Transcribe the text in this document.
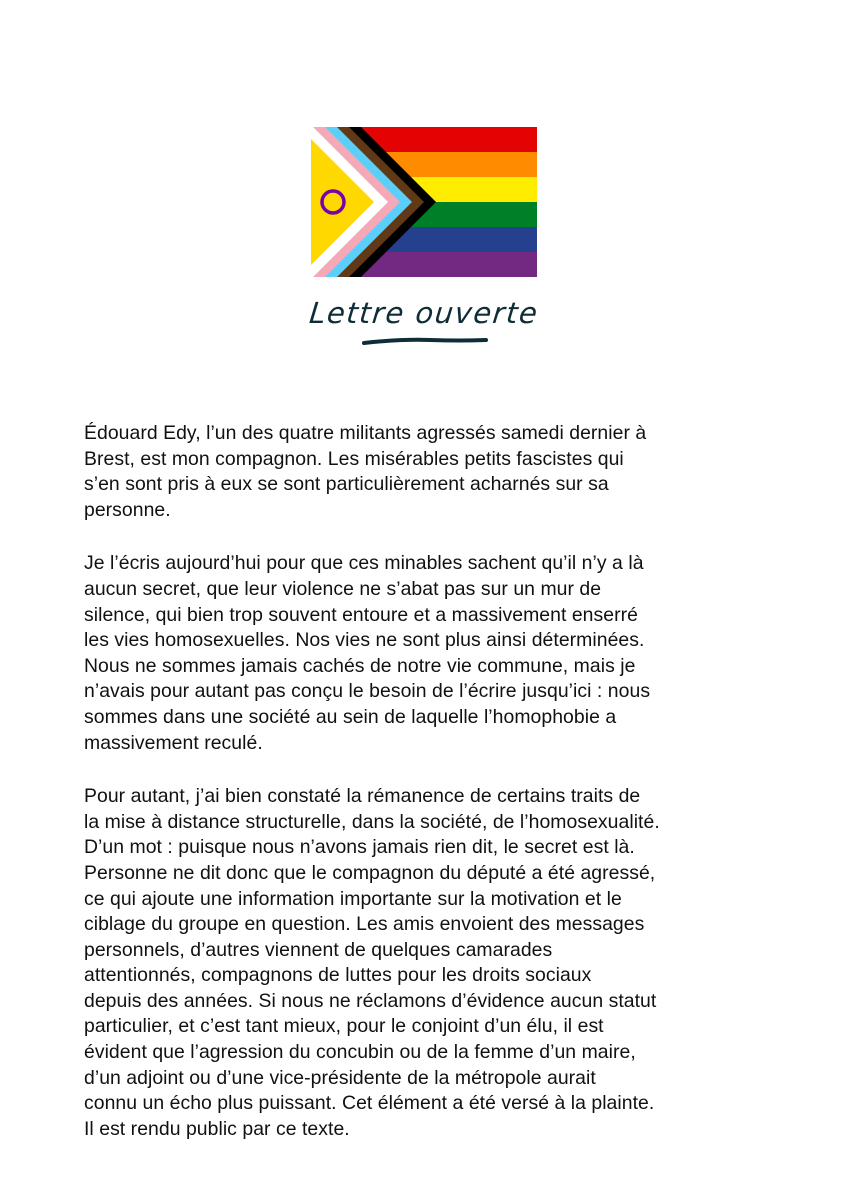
Lettre ouverte

Édouard Edy, l’un des quatre militants agressés samedi dernier à
Brest, est mon compagnon. Les misérables petits fascistes qui
s’en sont pris à eux se sont particulièrement acharnés sur sa
personne.

Je l’écris aujourd’hui pour que ces minables sachent qu’il n’y a là
aucun secret, que leur violence ne s’abat pas sur un mur de
silence, qui bien trop souvent entoure et a massivement enserré
les vies homosexuelles. Nos vies ne sont plus ainsi déterminées.
Nous ne sommes jamais cachés de notre vie commune, mais je
n’avais pour autant pas conçu le besoin de l’écrire jusqu’ici : nous
sommes dans une société au sein de laquelle l’homophobie a
massivement reculé.

Pour autant, j’ai bien constaté la rémanence de certains traits de
la mise à distance structurelle, dans la société, de l’homosexualité.
D’un mot : puisque nous n’avons jamais rien dit, le secret est là.
Personne ne dit donc que le compagnon du député a été agressé,
ce qui ajoute une information importante sur la motivation et le
ciblage du groupe en question. Les amis envoient des messages
personnels, d’autres viennent de quelques camarades
attentionnés, compagnons de luttes pour les droits sociaux
depuis des années. Si nous ne réclamons d’évidence aucun statut
particulier, et c’est tant mieux, pour le conjoint d’un élu, il est
évident que l’agression du concubin ou de la femme d’un maire,
d’un adjoint ou d’une vice-présidente de la métropole aurait
connu un écho plus puissant. Cet élément a été versé à la plainte.
Il est rendu public par ce texte.
